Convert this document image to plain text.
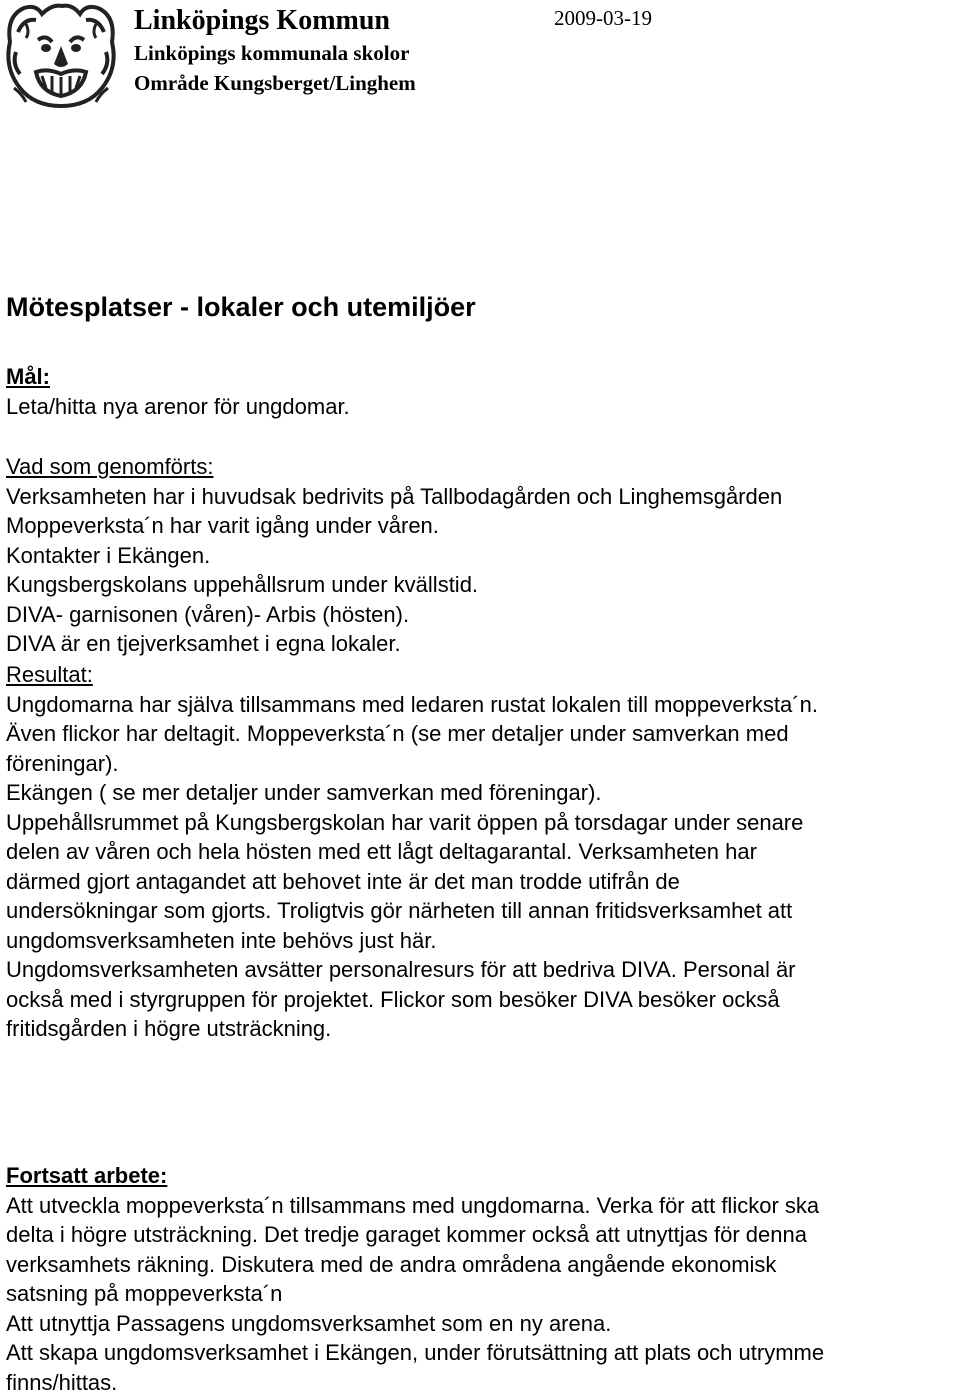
Linköpings Kommun
Linköpings kommunala skolor
Område Kungsberget/Linghem
2009-03-19
Mötesplatser - lokaler och utemiljöer

Mål:

Leta/hitta nya arenor för ungdomar.

Vad som genomförts:

Verksamheten har i huvudsak bedrivits på Tallbodagården och Linghemsgården

Moppeverksta´n har varit igång under våren.

Kontakter i Ekängen.

Kungsbergskolans uppehållsrum under kvällstid.

DIVA- garnisonen (våren)- Arbis (hösten).

DIVA är en tjejverksamhet i egna lokaler.

Resultat:

Ungdomarna har själva tillsammans med ledaren rustat lokalen till moppeverksta´n.

Även flickor har deltagit. Moppeverksta´n (se mer detaljer under samverkan med

föreningar).

Ekängen ( se mer detaljer under samverkan med föreningar).

Uppehållsrummet på Kungsbergskolan har varit öppen på torsdagar under senare

delen av våren och hela hösten med ett lågt deltagarantal. Verksamheten har

därmed gjort antagandet att behovet inte är det man trodde utifrån de

undersökningar som gjorts. Troligtvis gör närheten till annan fritidsverksamhet att

ungdomsverksamheten inte behövs just här.

Ungdomsverksamheten avsätter personalresurs för att bedriva DIVA. Personal är

också med i styrgruppen för projektet. Flickor som besöker DIVA besöker också

fritidsgården i högre utsträckning.

Fortsatt arbete:

Att utveckla moppeverksta´n tillsammans med ungdomarna. Verka för att flickor ska

delta i högre utsträckning. Det tredje garaget kommer också att utnyttjas för denna

verksamhets räkning. Diskutera med de andra områdena angående ekonomisk

satsning på moppeverksta´n

Att utnyttja Passagens ungdomsverksamhet som en ny arena.

Att skapa ungdomsverksamhet i Ekängen, under förutsättning att plats och utrymme

finns/hittas.
